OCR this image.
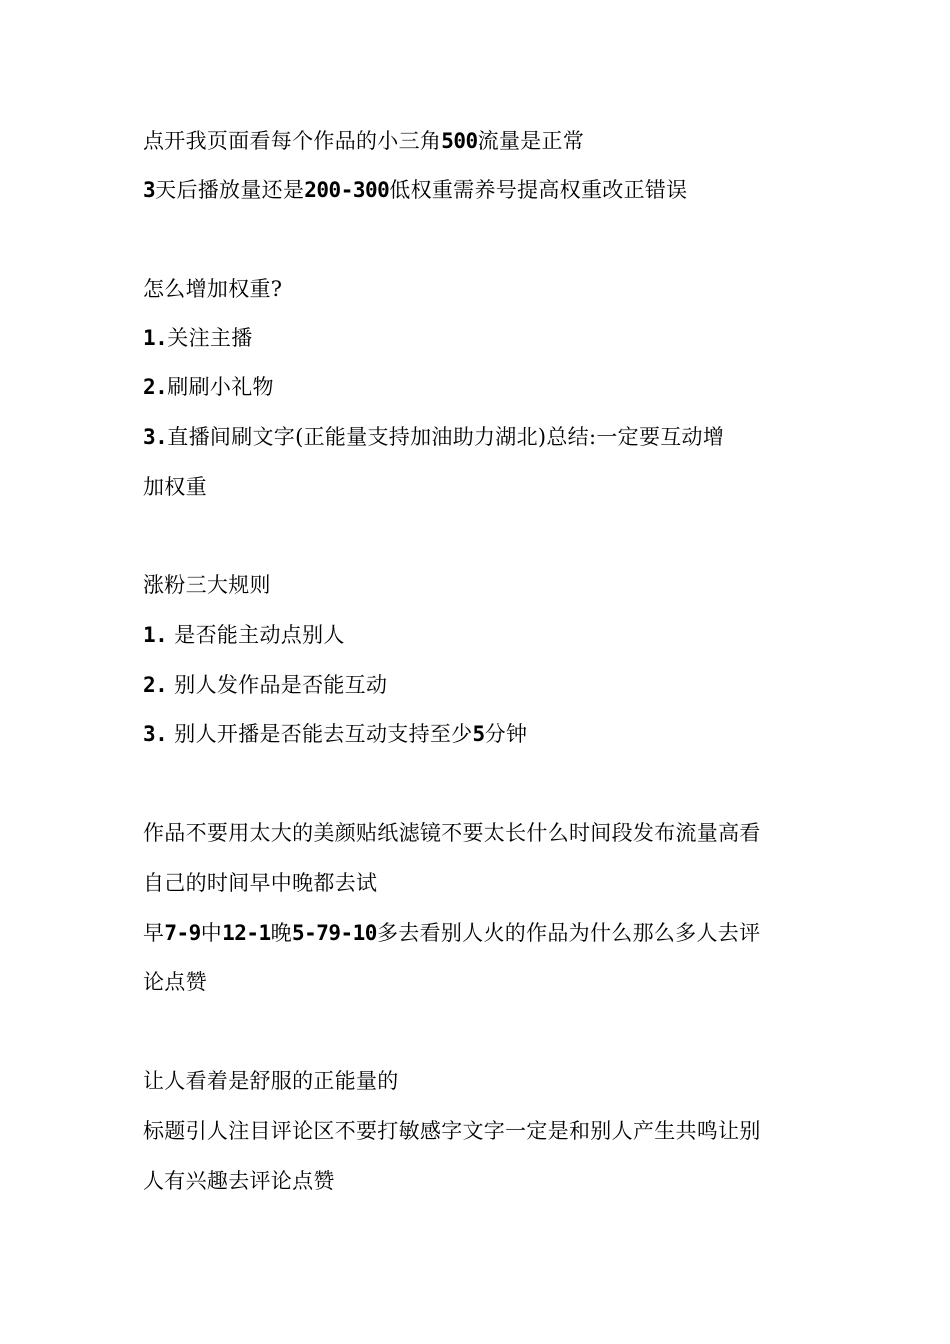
点开我页面看每个作品的小三角500流量是正常
3天后播放量还是200-300低权重需养号提高权重改正错误
怎么增加权重?
1.关注主播
2.刷刷小礼物
3.直播间刷文字(正能量支持加油助力湖北)总结:一定要互动增
加权重
涨粉三大规则
1. 是否能主动点别人
2. 别人发作品是否能互动
3. 别人开播是否能去互动支持至少5分钟
作品不要用太大的美颜贴纸滤镜不要太长什么时间段发布流量高看
自己的时间早中晚都去试
早7-9中12-1晚5-79-10多去看别人火的作品为什么那么多人去评
论点赞
让人看着是舒服的正能量的
标题引人注目评论区不要打敏感字文字一定是和别人产生共鸣让别
人有兴趣去评论点赞
